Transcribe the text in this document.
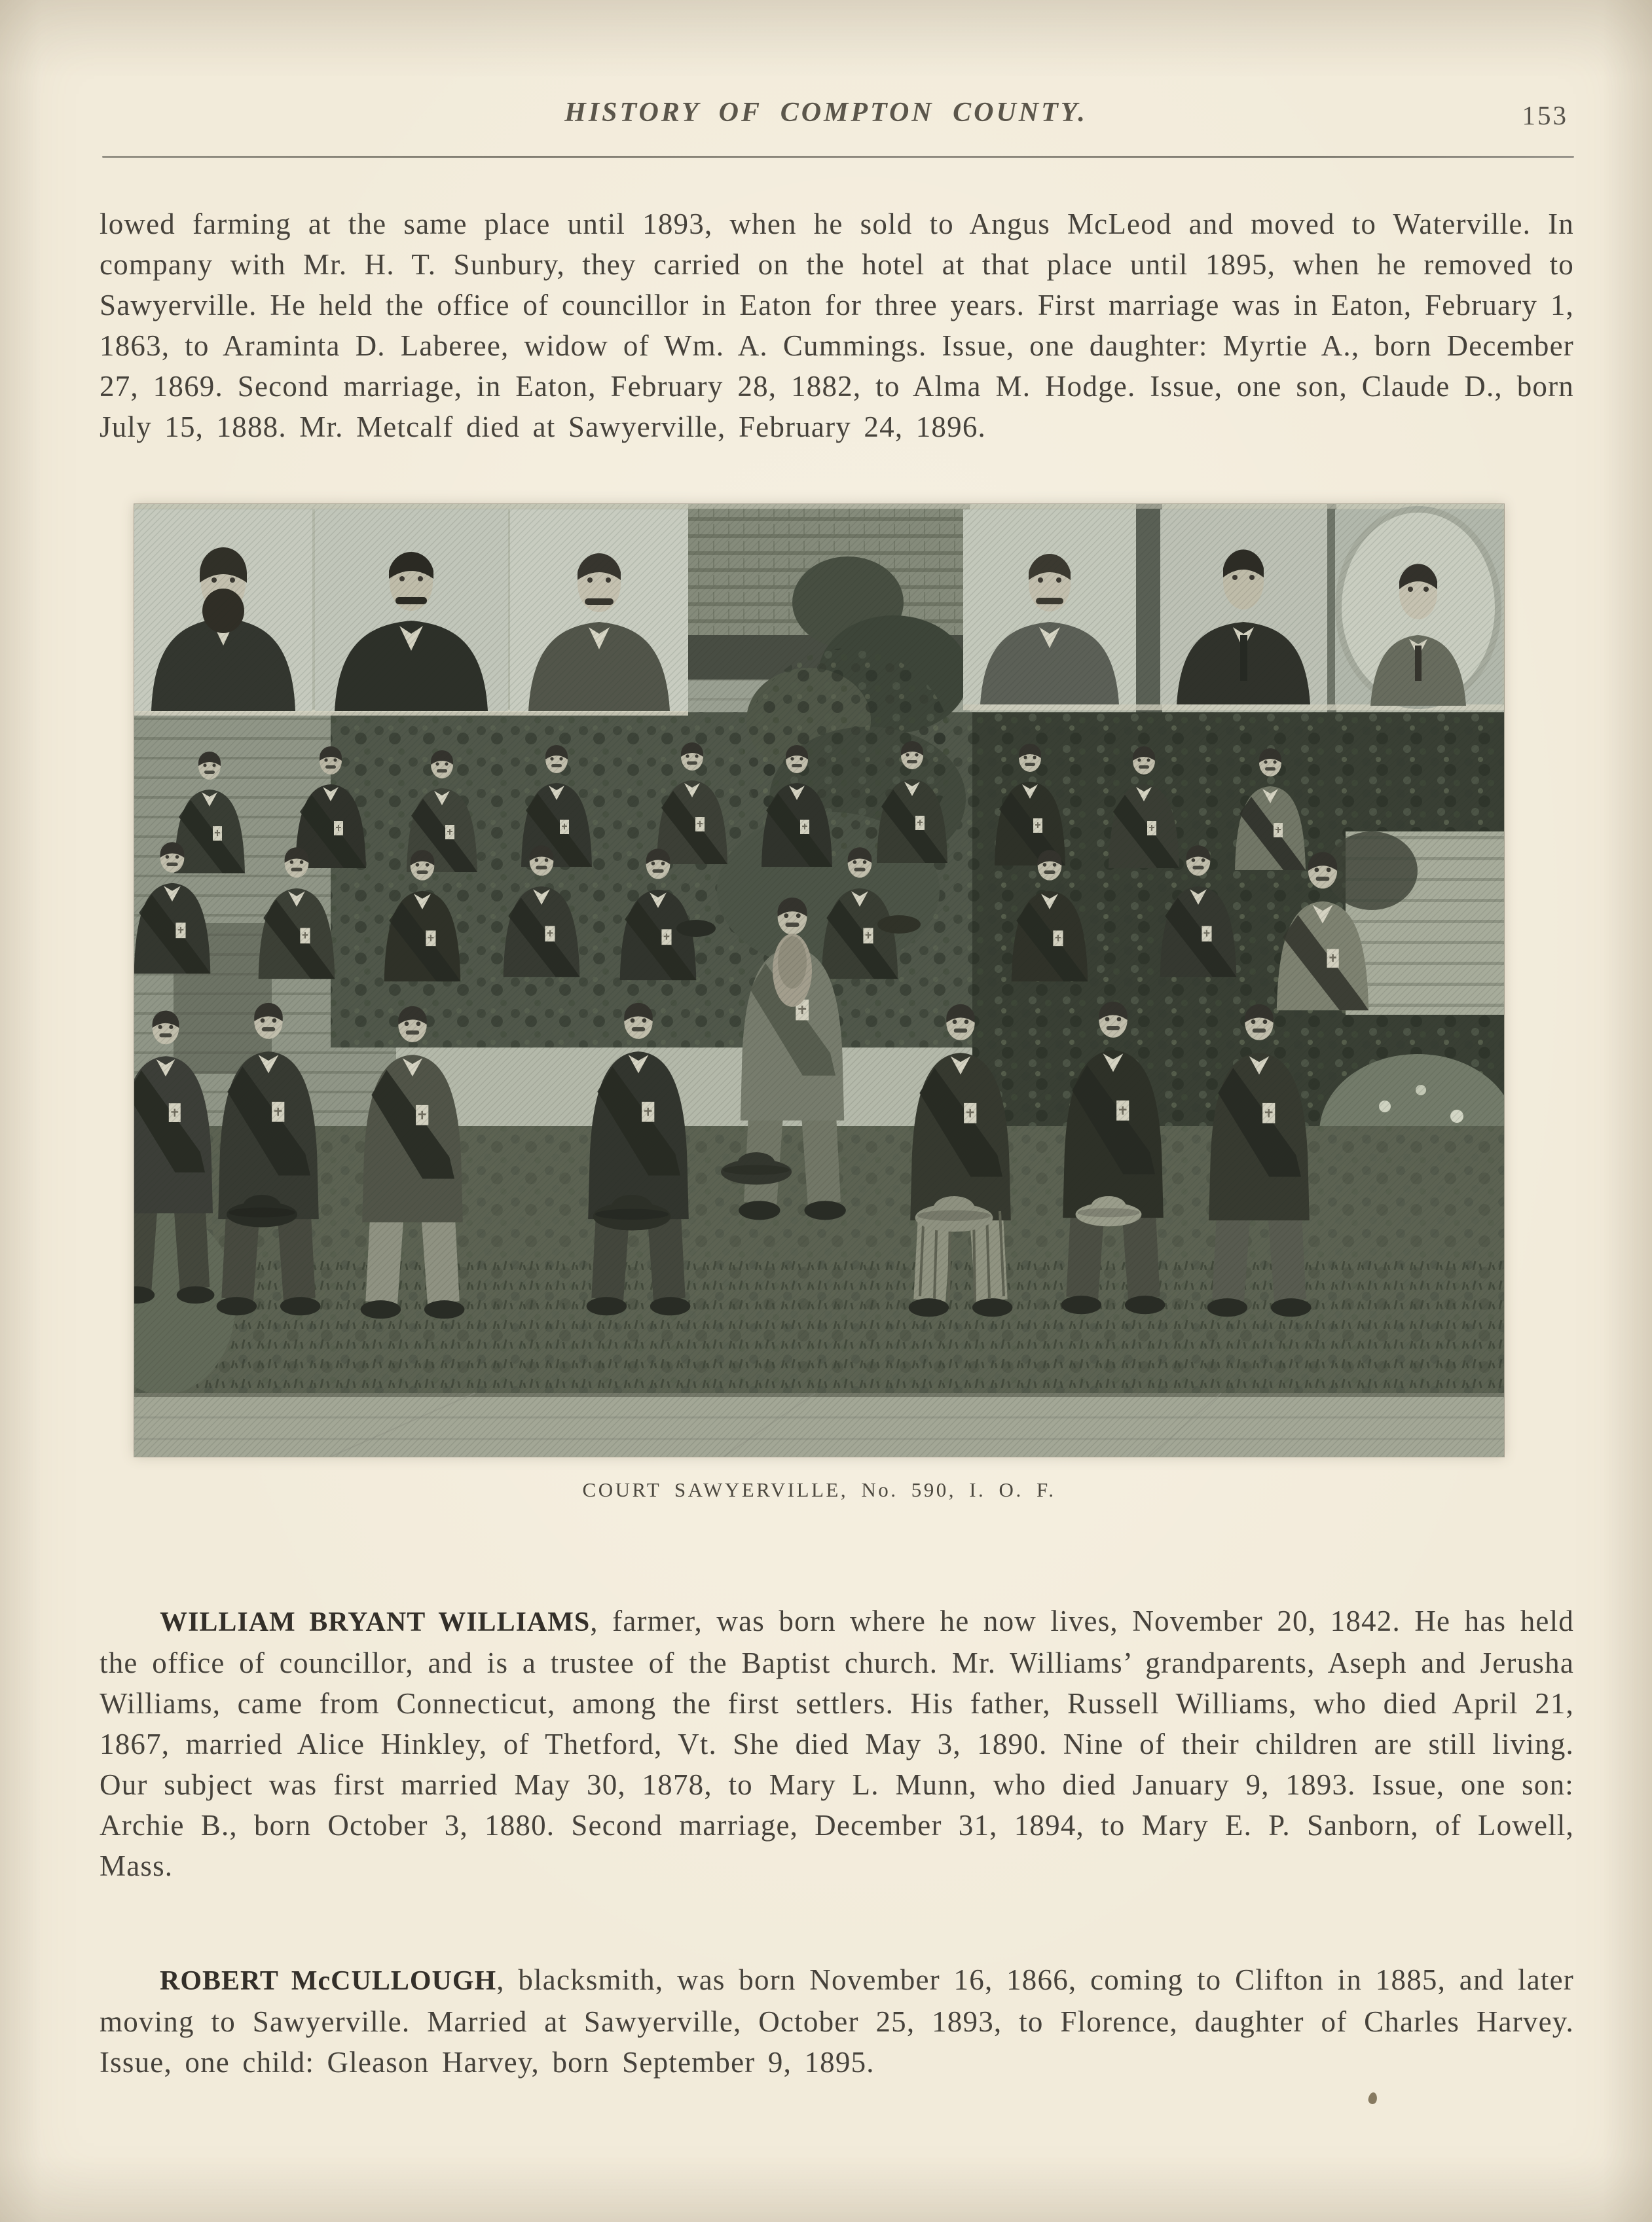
HISTORY OF COMPTON COUNTY.	153

lowed farming at the same place until 1893, when he sold to Angus McLeod and moved to Waterville. In company with Mr. H. T. Sunbury, they carried on the hotel at that place until 1895, when he removed to Sawyerville. He held the office of councillor in Eaton for three years. First marriage was in Eaton, February 1, 1863, to Araminta D. Laberee, widow of Wm. A. Cummings. Issue, one daughter: Myrtie A., born December 27, 1869. Second marriage, in Eaton, February 28, 1882, to Alma M. Hodge. Issue, one son, Claude D., born July 15, 1888. Mr. Metcalf died at Sawyerville, February 24, 1896.

COURT SAWYERVILLE, No. 590, I. O. F.

WILLIAM BRYANT WILLIAMS, farmer, was born where he now lives, November 20, 1842. He has held the office of councillor, and is a trustee of the Baptist church. Mr. Williams’ grandparents, Aseph and Jerusha Williams, came from Connecticut, among the first settlers. His father, Russell Williams, who died April 21, 1867, married Alice Hinkley, of Thetford, Vt. She died May 3, 1890. Nine of their children are still living. Our subject was first married May 30, 1878, to Mary L. Munn, who died January 9, 1893. Issue, one son: Archie B., born October 3, 1880. Second marriage, December 31, 1894, to Mary E. P. Sanborn, of Lowell, Mass.

ROBERT McCULLOUGH, blacksmith, was born November 16, 1866, coming to Clifton in 1885, and later moving to Sawyerville. Married at Sawyerville, October 25, 1893, to Florence, daughter of Charles Harvey. Issue, one child: Gleason Harvey, born September 9, 1895.
